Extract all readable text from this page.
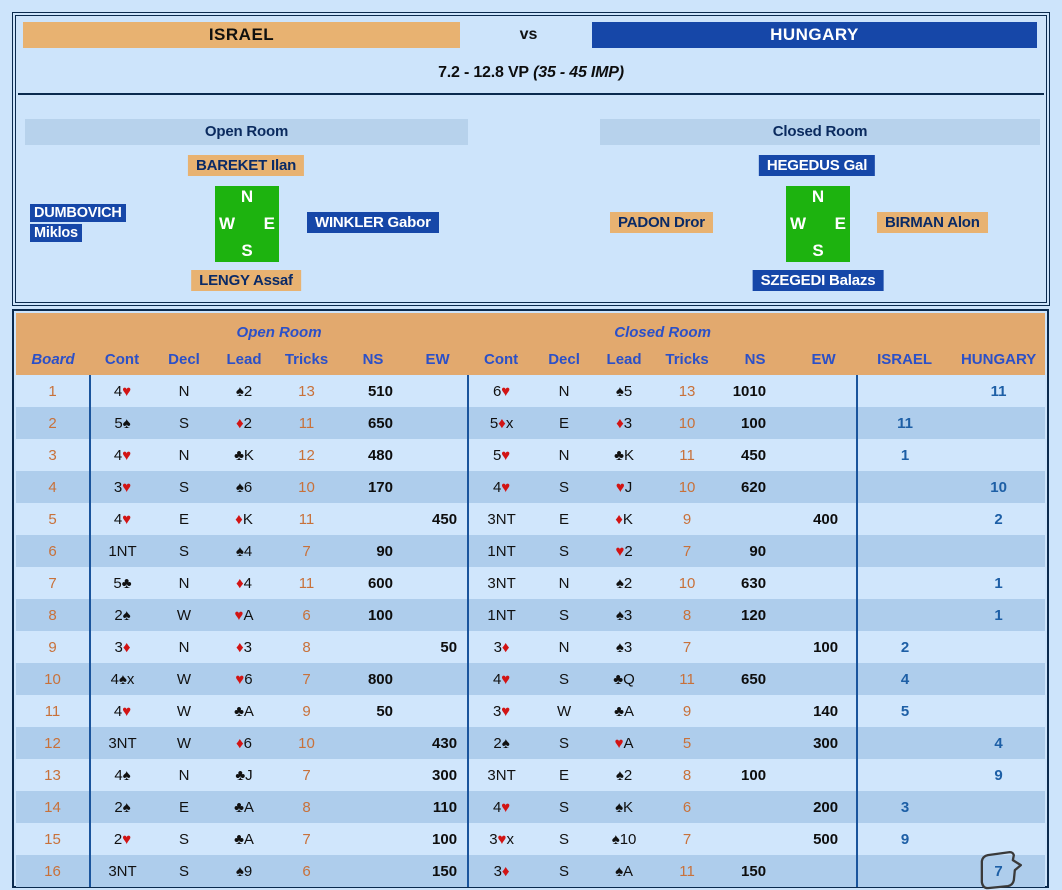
ISRAEL	vs	HUNGARY
7.2 - 12.8 VP (35 - 45 IMP)
Open Room
BAREKET Ilan
DUMBOVICH Miklos
N
W E
S
WINKLER Gabor
LENGY Assaf
Closed Room
HEGEDUS Gal
PADON Dror
N
W E
S
BIRMAN Alon
SZEGEDI Balazs
	Open Room						Closed Room							
Board	Cont	Decl	Lead	Tricks	NS	EW	Cont	Decl	Lead	Tricks	NS	EW	ISRAEL	HUNGARY
1	4♥	N	♠2	13	510		6♥	N	♠5	13	1010			11
2	5♠	S	♦2	11	650		5♦x	E	♦3	10	100		11	
3	4♥	N	♣K	12	480		5♥	N	♣K	11	450		1	
4	3♥	S	♠6	10	170		4♥	S	♥J	10	620			10
5	4♥	E	♦K	11		450	3NT	E	♦K	9		400		2
6	1NT	S	♠4	7	90		1NT	S	♥2	7	90			
7	5♣	N	♦4	11	600		3NT	N	♠2	10	630			1
8	2♠	W	♥A	6	100		1NT	S	♠3	8	120			1
9	3♦	N	♦3	8		50	3♦	N	♠3	7		100	2	
10	4♠x	W	♥6	7	800		4♥	S	♣Q	11	650		4	
11	4♥	W	♣A	9	50		3♥	W	♣A	9		140	5	
12	3NT	W	♦6	10		430	2♠	S	♥A	5		300		4
13	4♠	N	♣J	7		300	3NT	E	♠2	8	100			9
14	2♠	E	♣A	8		110	4♥	S	♠K	6		200	3	
15	2♥	S	♣A	7		100	3♥x	S	♠10	7		500	9	
16	3NT	S	♠9	6		150	3♦	S	♠A	11	150			7
